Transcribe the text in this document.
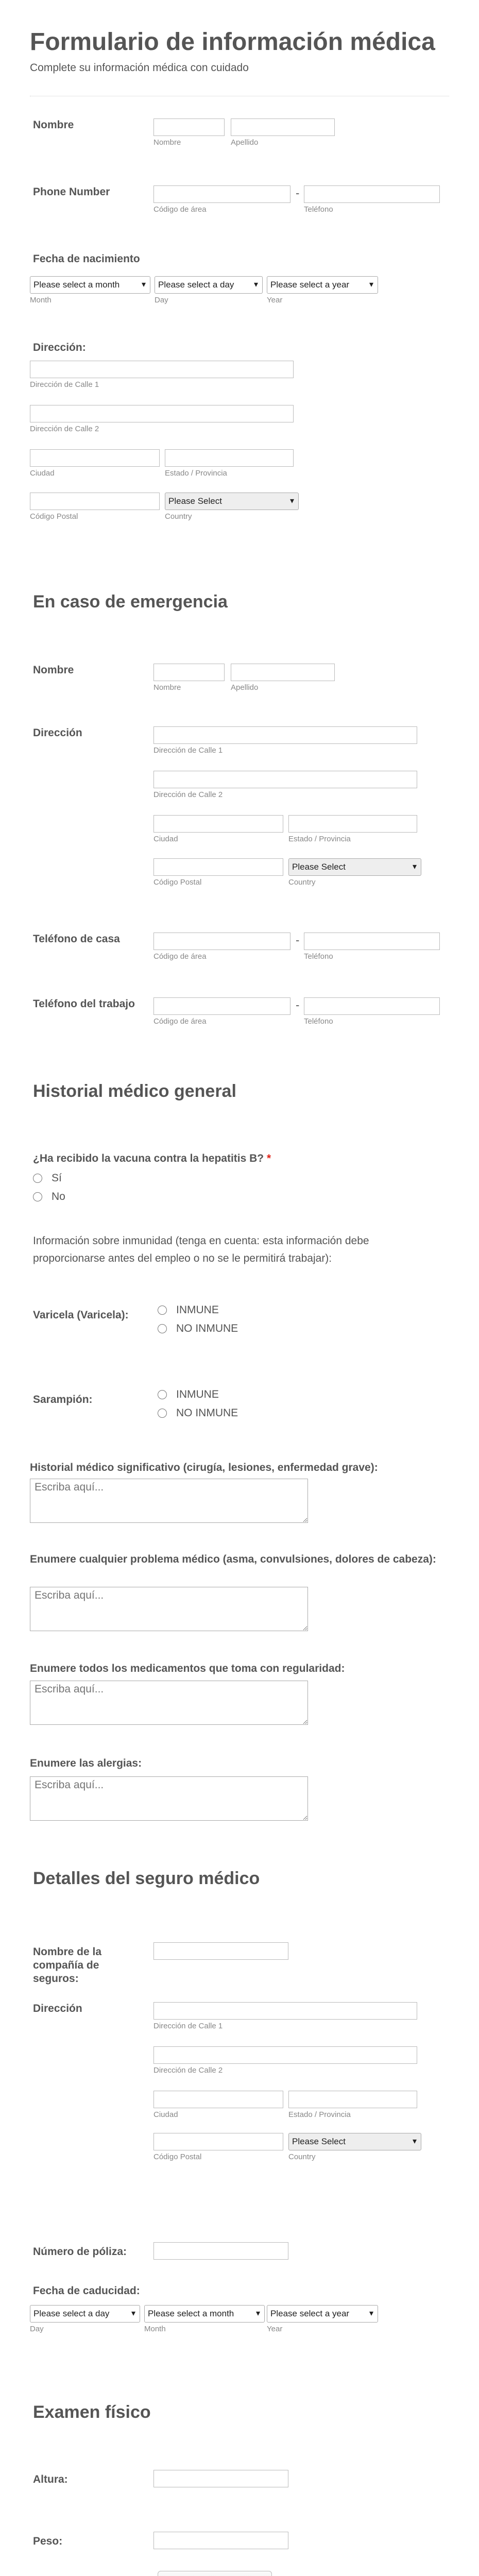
Formulario de información médica

Complete su información médica con cuidado

Nombre
Nombre	Apellido
Phone Number
Código de área
-
Teléfono
Fecha de nacimiento
Please select a month	▾
Month
Please select a day ▾
Day
Please select a year ▾
Year
Dirección:
Dirección de Calle 1
Dirección de Calle 2
Ciudad	Estado / Provincia
Código Postal
Please Select	▾
Country
En caso de emergencia
Nombre
Nombre	Apellido
Dirección
Dirección de Calle 1
Dirección de Calle 2
Ciudad	Estado / Provincia
Código Postal
Please Select	▾
Country
Teléfono de casa
Código de área
-
Teléfono
Teléfono del trabajo
Código de área
-
Teléfono
Historial médico general
¿Ha recibido la vacuna contra la hepatitis B? *
Sí
No
Información sobre inmunidad (tenga en cuenta: esta información debe proporcionarse antes del empleo o no se le permitirá trabajar):
Varicela (Varicela):	INMUNE
NO INMUNE
Sarampión:	INMUNE
NO INMUNE
Historial médico significativo (cirugía, lesiones, enfermedad grave):
Escriba aquí...
Enumere cualquier problema médico (asma, convulsiones, dolores de cabeza):
Escriba aquí...
Enumere todos los medicamentos que toma con regularidad:
Escriba aquí...
Enumere las alergias:
Escriba aquí...
Detalles del seguro médico
Nombre de la compañía de seguros:
Dirección
Dirección de Calle 1
Dirección de Calle 2
Ciudad	Estado / Provincia
Código Postal
Please Select	▾
Country
Número de póliza:
Fecha de caducidad:
Please select a day	▾
Day
Please select a month	▾
Month
Please select a year ▾
Year
Examen físico
Altura:
Peso:
